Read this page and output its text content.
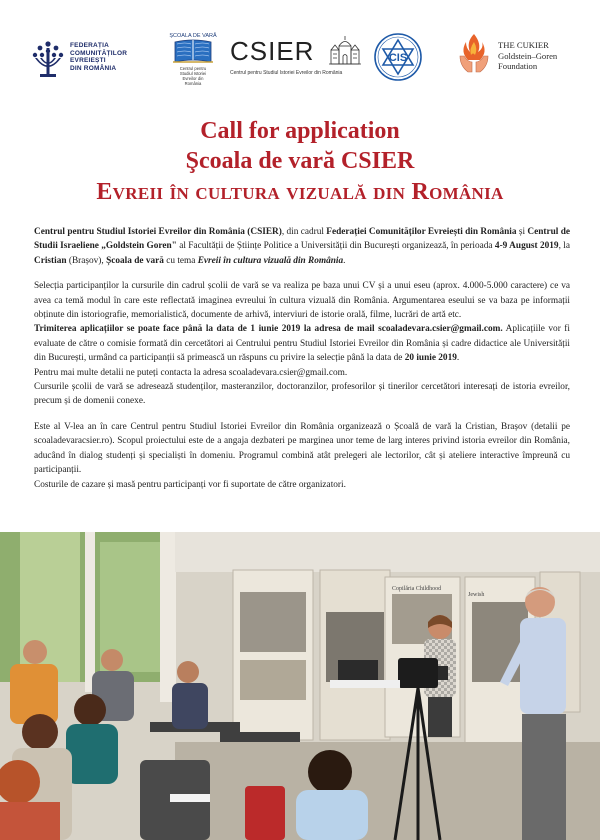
FEDERAȚIA
COMUNITĂȚILOR
EVREIEȘTI
DIN ROMÂNIA
ȘCOALA DE VARĂ
Centrul pentru
Studiul Istoriei
Evreilor din
România
CSIER
Centrul pentru Studiul Istoriei Evreilor din România
CIS
THE CUKIER
Goldstein–Goren
Foundation
Call for application
Şcoala de vară CSIER
Evreii în cultura vizuală din România

Centrul pentru Studiul Istoriei Evreilor din România (CSIER), din cadrul Federației Comunităților Evreiești din România și Centrul de Studii Israeliene „Goldstein Goren" al Facultății de Științe Politice a Universității din București organizează, în perioada 4-9 August 2019, la Cristian (Brașov), Școala de vară cu tema Evreii în cultura vizuală din România.

Selecția participanților la cursurile din cadrul școlii de vară se va realiza pe baza unui CV și a unui eseu (aprox. 4.000-5.000 caractere) ce va avea ca temă modul în care este reflectată imaginea evreului în cultura vizuală din România. Argumentarea eseului se va baza pe informații obținute din istoriografie, memorialistică, documente de arhivă, interviuri de istorie orală, filme, lucrări de artă etc.
Trimiterea aplicațiilor se poate face până la data de 1 iunie 2019 la adresa de mail scoaladevara.csier@gmail.com. Aplicațiile vor fi evaluate de către o comisie formată din cercetători ai Centrului pentru Studiul Istoriei Evreilor din România și cadre didactice ale Universității din București, urmând ca participanții să primească un răspuns cu privire la selecție până la data de 20 iunie 2019.
Pentru mai multe detalii ne puteți contacta la adresa scoaladevara.csier@gmail.com.
Cursurile școlii de vară se adresează studenților, masteranzilor, doctoranzilor, profesorilor și tinerilor cercetători interesați de istoria evreilor, precum și de domenii conexe.

Este al V-lea an în care Centrul pentru Studiul Istoriei Evreilor din România organizează o Școală de vară la Cristian, Brașov (detalii pe scoaladevaracsier.ro). Scopul proiectului este de a angaja dezbateri pe marginea unor teme de larg interes privind istoria evreilor din România, aducând în dialog studenți și specialiști în domeniu. Programul combină atât prelegeri ale lectorilor, cât și ateliere interactive împreună cu participanții.
Costurile de cazare și masă pentru participanți vor fi suportate de către organizatori.

Copilăria Childhood
Jewish
